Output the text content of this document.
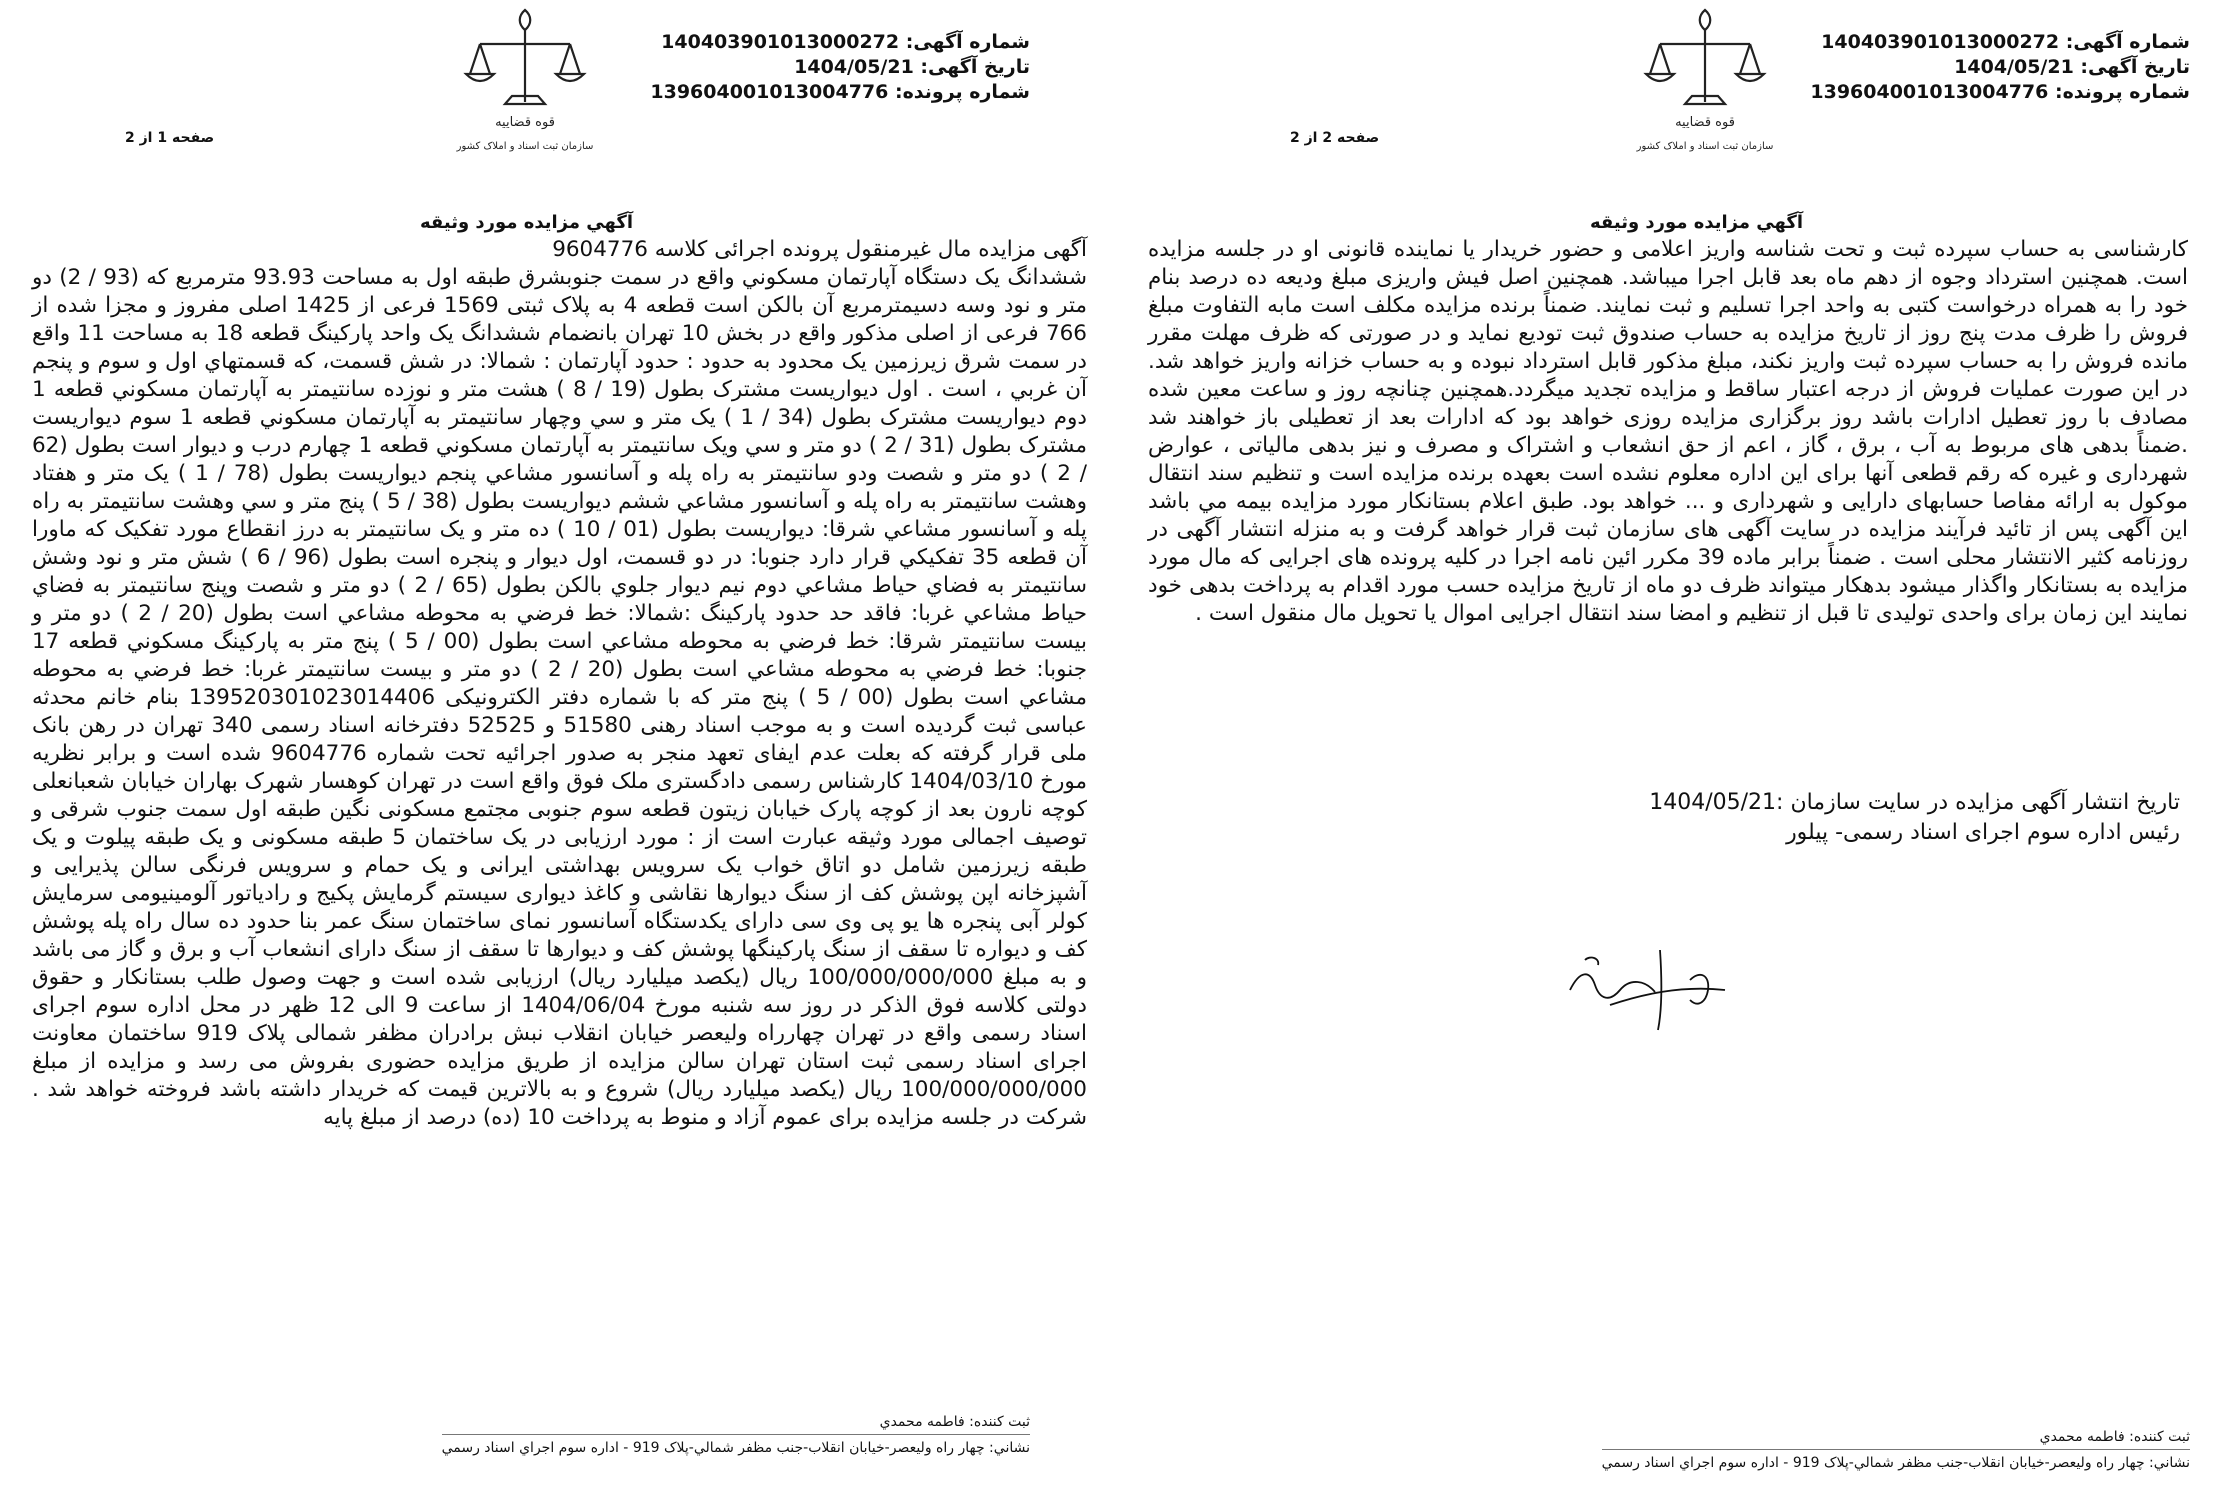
شماره آگهی: 140403901013000272
تاریخ آگهی: 1404/05/21
شماره پرونده: 139604001013004776
قوه قضاییه
سازمان ثبت اسناد و املاک کشور
صفحه 1 از 2
آگهي مزايده مورد وثيقه

آگهی مزایده مال غیرمنقول پرونده اجرائی کلاسه 9604776

ششدانگ یک دستگاه آپارتمان مسكوني واقع در سمت جنوبشرق طبقه اول به مساحت 93.93 مترمربع که (93 / 2) دو متر و نود وسه دسیمترمربع آن بالکن است قطعه 4 به پلاک ثبتی 1569 فرعی از 1425 اصلی مفروز و مجزا شده از 766 فرعی از اصلی مذکور واقع در بخش 10 تهران بانضمام ششدانگ یک واحد پارکينگ قطعه 18 به مساحت 11 واقع در سمت شرق زيرزمين يک محدود به حدود : حدود آپارتمان : شمالا: در شش قسمت، که قسمتهاي اول و سوم و پنجم آن غربي ، است . اول ديواريست مشترک بطول (19 / 8 ) هشت متر و نوزده سانتيمتر به آپارتمان مسكوني قطعه 1 دوم ديواريست مشترک بطول (34 / 1 ) یک متر و سي وچهار سانتيمتر به آپارتمان مسكوني قطعه 1 سوم ديواريست مشترک بطول (31 / 2 ) دو متر و سي ویک سانتيمتر به آپارتمان مسكوني قطعه 1 چهارم درب و ديوار است بطول (62 / 2 ) دو متر و شصت ودو سانتيمتر به راه پله و آسانسور مشاعي پنجم ديواريست بطول (78 / 1 ) یک متر و هفتاد وهشت سانتيمتر به راه پله و آسانسور مشاعي ششم ديواريست بطول (38 / 5 ) پنج متر و سي وهشت سانتيمتر به راه پله و آسانسور مشاعي شرقا: ديواريست بطول (01 / 10 ) ده متر و یک سانتيمتر به درز انقطاع مورد تفکیک که ماورا آن قطعه 35 تفكيكي قرار دارد جنوبا: در دو قسمت، اول ديوار و پنجره است بطول (96 / 6 ) شش متر و نود وشش سانتيمتر به فضاي حياط مشاعي دوم نيم ديوار جلوي بالکن بطول (65 / 2 ) دو متر و شصت وپنج سانتيمتر به فضاي حياط مشاعي غربا: فاقد حد حدود پارکينگ :شمالا: خط فرضي به محوطه مشاعي است بطول (20 / 2 ) دو متر و بيست سانتيمتر شرقا: خط فرضي به محوطه مشاعي است بطول (00 / 5 ) پنج متر به پارکينگ مسكوني قطعه 17 جنوبا: خط فرضي به محوطه مشاعي است بطول (20 / 2 ) دو متر و بيست سانتيمتر غربا: خط فرضي به محوطه مشاعي است بطول (00 / 5 ) پنج متر که با شماره دفتر الکترونیکی 139520301023014406 بنام خانم محدثه عباسی ثبت گردیده است و به موجب اسناد رهنی 51580 و 52525 دفترخانه اسناد رسمی 340 تهران در رهن بانک ملی قرار گرفته که بعلت عدم ایفای تعهد منجر به صدور اجرائیه تحت شماره 9604776 شده است و برابر نظریه مورخ 1404/03/10 کارشناس رسمی دادگستری ملک فوق واقع است در تهران کوهسار شهرک بهاران خیابان شعبانعلی کوچه نارون بعد از کوچه پارک خیابان زیتون قطعه سوم جنوبی مجتمع مسکونی نگین طبقه اول سمت جنوب شرقی و توصیف اجمالی مورد وثیقه عبارت است از : مورد ارزیابی در یک ساختمان 5 طبقه مسکونی و یک طبقه پیلوت و یک طبقه زیرزمین شامل دو اتاق خواب یک سرویس بهداشتی ایرانی و یک حمام و سرویس فرنگی سالن پذیرایی و آشپزخانه اپن پوشش کف از سنگ دیوارها نقاشی و کاغذ دیواری سیستم گرمایش پکیج و رادیاتور آلومینیومی سرمایش کولر آبی پنجره ها یو پی وی سی دارای یکدستگاه آسانسور نمای ساختمان سنگ عمر بنا حدود ده سال راه پله پوشش کف و دیواره تا سقف از سنگ پارکینگها پوشش کف و دیوارها تا سقف از سنگ دارای انشعاب آب و برق و گاز می باشد و به مبلغ 100/000/000/000 ریال (یکصد میلیارد ریال) ارزیابی شده است و جهت وصول طلب بستانکار و حقوق دولتی کلاسه فوق الذکر در روز سه شنبه مورخ 1404/06/04 از ساعت 9 الی 12 ظهر در محل اداره سوم اجرای اسناد رسمی واقع در تهران چهارراه ولیعصر خیابان انقلاب نبش برادران مظفر شمالی پلاک 919 ساختمان معاونت اجرای اسناد رسمی ثبت استان تهران سالن مزایده از طریق مزایده حضوری بفروش می رسد و مزایده از مبلغ 100/000/000/000 ریال (یکصد میلیارد ریال) شروع و به بالاترین قیمت که خریدار داشته باشد فروخته خواهد شد . شرکت در جلسه مزایده برای عموم آزاد و منوط به پرداخت 10 (ده) درصد از مبلغ پایه

ثبت کننده: فاطمه محمدي
نشاني: چهار راه وليعصر-خيابان انقلاب-جنب مظفر شمالي-پلاک 919 - اداره سوم اجراي اسناد رسمي
شماره آگهی: 140403901013000272
تاریخ آگهی: 1404/05/21
شماره پرونده: 139604001013004776
قوه قضاییه
سازمان ثبت اسناد و املاک کشور
صفحه 2 از 2
آگهي مزايده مورد وثيقه

کارشناسی به حساب سپرده ثبت و تحت شناسه واریز اعلامی و حضور خریدار یا نماینده قانونی او در جلسه مزایده است. همچنین استرداد وجوه از دهم ماه بعد قابل اجرا میباشد. همچنین اصل فیش واریزی مبلغ ودیعه ده درصد بنام خود را به همراه درخواست کتبی به واحد اجرا تسلیم و ثبت نمایند. ضمناً برنده مزایده مکلف است مابه التفاوت مبلغ فروش را ظرف مدت پنج روز از تاریخ مزایده به حساب صندوق ثبت تودیع نماید و در صورتی که ظرف مهلت مقرر مانده فروش را به حساب سپرده ثبت واریز نکند، مبلغ مذکور قابل استرداد نبوده و به حساب خزانه واریز خواهد شد. در این صورت عملیات فروش از درجه اعتبار ساقط و مزایده تجدید میگردد.همچنین چنانچه روز و ساعت معین شده مصادف با روز تعطیل ادارات باشد روز برگزاری مزایده روزی خواهد بود که ادارات بعد از تعطیلی باز خواهند شد .ضمناً بدهی های مربوط به آب ، برق ، گاز ، اعم از حق انشعاب و اشتراک و مصرف و نیز بدهی مالیاتی ، عوارض شهرداری و غیره که رقم قطعی آنها برای این اداره معلوم نشده است بعهده برنده مزایده است و تنظیم سند انتقال موکول به ارائه مفاصا حسابهای دارایی و شهرداری و ... خواهد بود. طبق اعلام بستانکار مورد مزایده بیمه مي باشد این آگهی پس از تائید فرآیند مزایده در سایت آگهی های سازمان ثبت قرار خواهد گرفت و به منزله انتشار آگهی در روزنامه کثیر الانتشار محلی است . ضمناً برابر ماده 39 مکرر ائین نامه اجرا در کلیه پرونده های اجرایی که مال مورد مزایده به بستانکار واگذار میشود بدهکار میتواند ظرف دو ماه از تاریخ مزایده حسب مورد اقدام به پرداخت بدهی خود نمایند این زمان برای واحدی تولیدی تا قبل از تنظیم و امضا سند انتقال اجرایی اموال یا تحویل مال منقول است .

تاریخ انتشار آگهی مزایده در سایت سازمان :1404/05/21
رئیس اداره سوم اجرای اسناد رسمی- پیلور
ثبت کننده: فاطمه محمدي
نشاني: چهار راه وليعصر-خيابان انقلاب-جنب مظفر شمالي-پلاک 919 - اداره سوم اجراي اسناد رسمي
